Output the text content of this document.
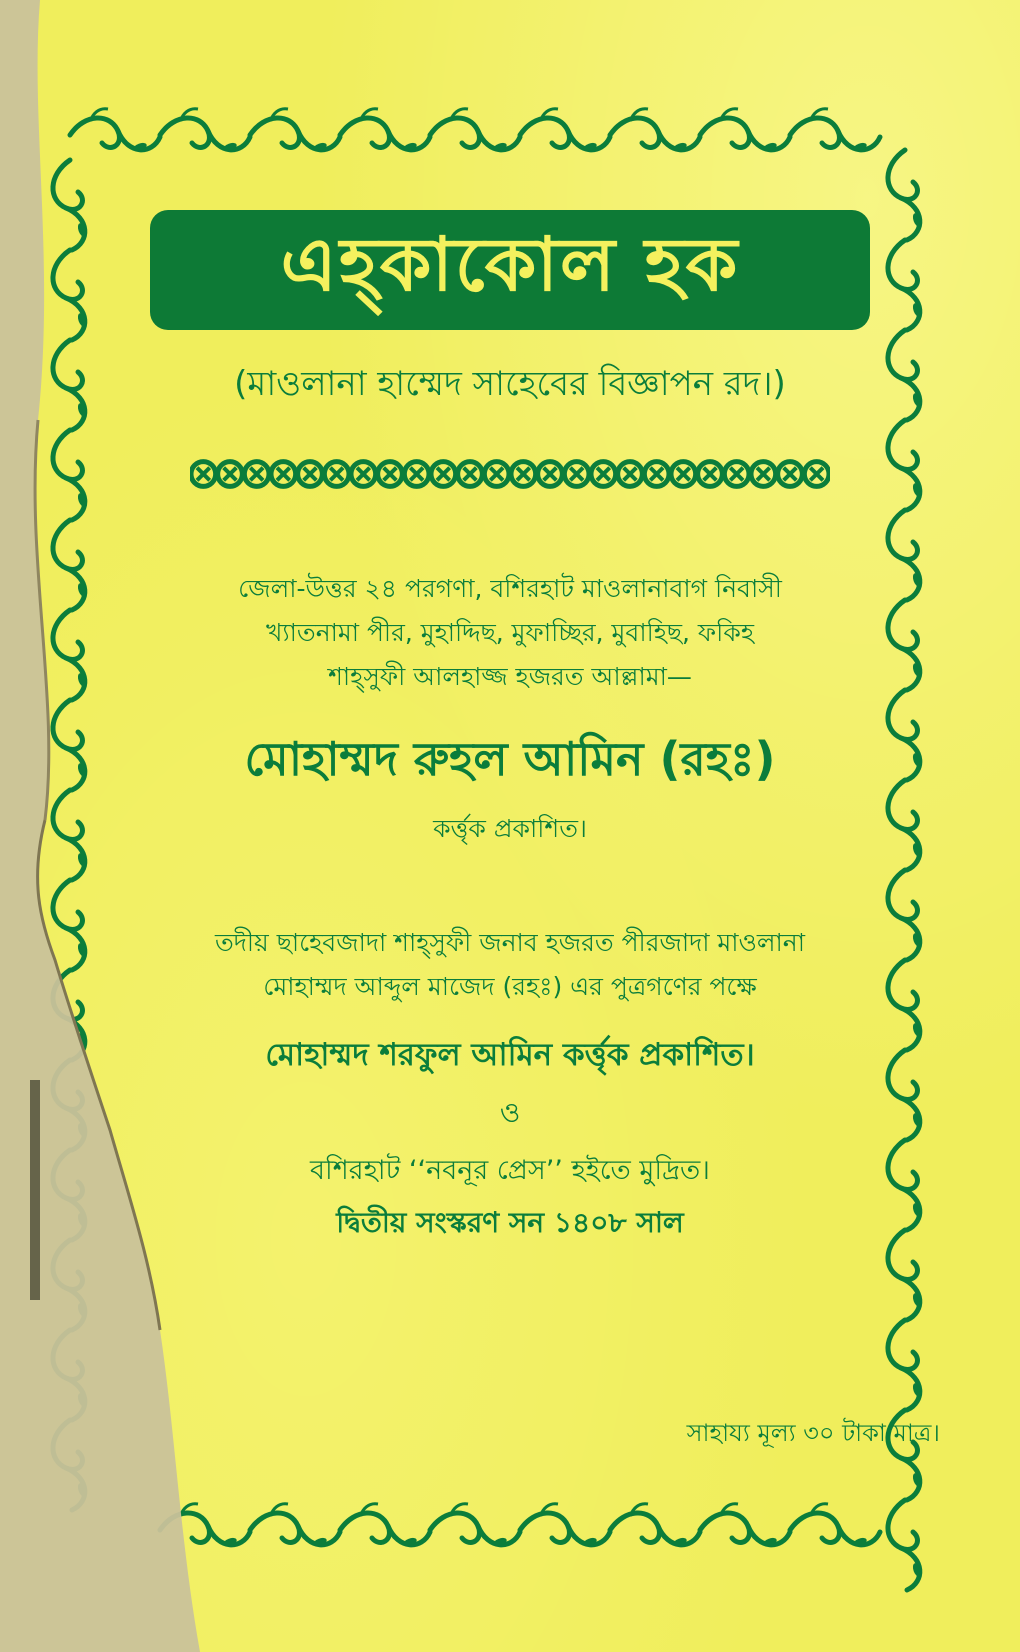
এহ্‌কাকোল হক
(মাওলানা হাম্মেদ সাহেবের বিজ্ঞাপন রদ।)
জেলা-উত্তর ২৪ পরগণা, বশিরহাট মাওলানাবাগ নিবাসী
খ্যাতনামা পীর, মুহাদ্দিছ, মুফাচ্ছির, মুবাহিছ, ফকিহ
শাহ্‌সুফী আলহাজ্জ হজরত আল্লামা—
মোহাম্মদ রুহল আমিন (রহঃ)
কর্ত্তৃক প্রকাশিত।
তদীয় ছাহেবজাদা শাহ্‌সুফী জনাব হজরত পীরজাদা মাওলানা
মোহাম্মদ আব্দুল মাজেদ (রহঃ) এর পুত্রগণের পক্ষে
মোহাম্মদ শরফুল আমিন কর্ত্তৃক প্রকাশিত।
ও
বশিরহাট ‘‘নবনূর প্রেস’’ হইতে মুদ্রিত।
দ্বিতীয় সংস্করণ সন ১৪০৮ সাল
সাহায্য মূল্য ৩০ টাকা মাত্র।
